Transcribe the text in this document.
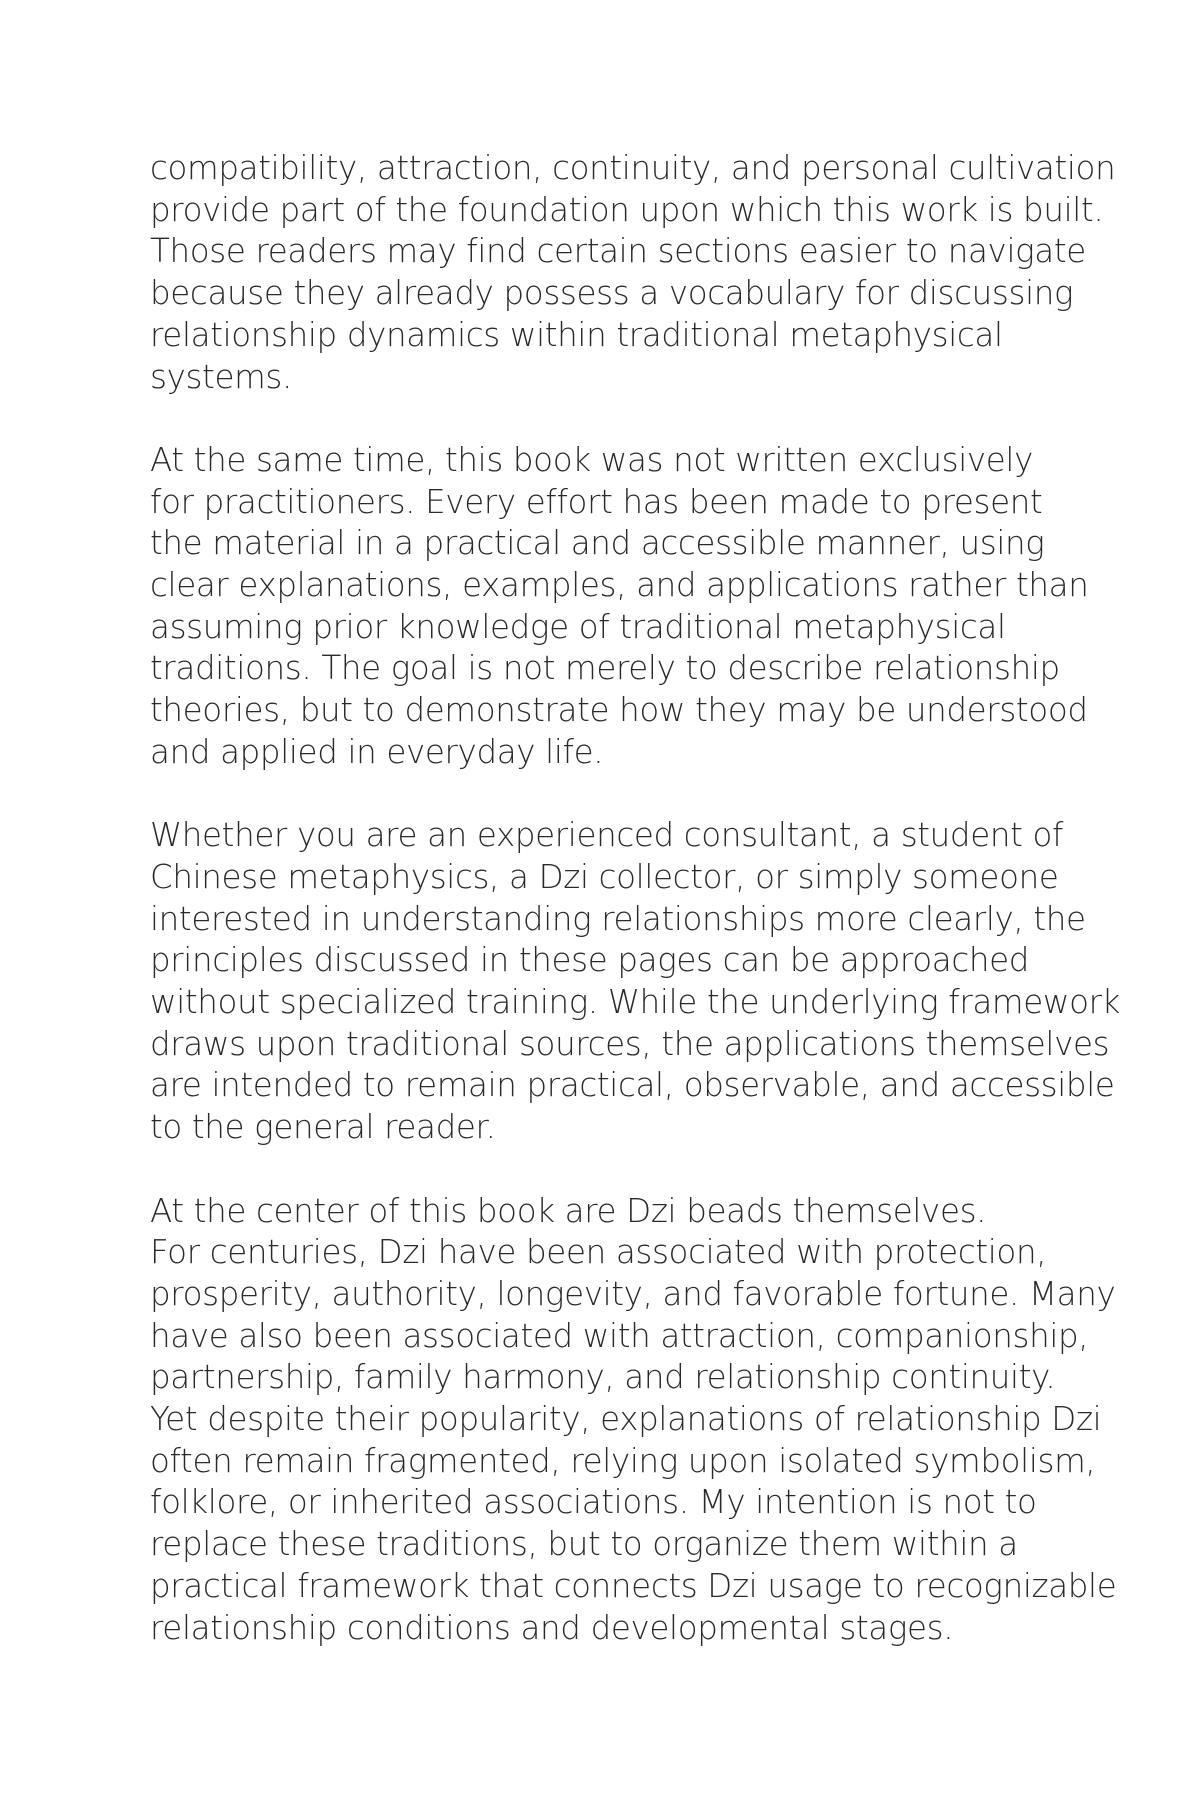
compatibility, attraction, continuity, and personal cultivation
provide part of the foundation upon which this work is built.
Those readers may find certain sections easier to navigate
because they already possess a vocabulary for discussing
relationship dynamics within traditional metaphysical
systems.

At the same time, this book was not written exclusively
for practitioners. Every effort has been made to present
the material in a practical and accessible manner, using
clear explanations, examples, and applications rather than
assuming prior knowledge of traditional metaphysical
traditions. The goal is not merely to describe relationship
theories, but to demonstrate how they may be understood
and applied in everyday life.

Whether you are an experienced consultant, a student of
Chinese metaphysics, a Dzi collector, or simply someone
interested in understanding relationships more clearly, the
principles discussed in these pages can be approached
without specialized training. While the underlying framework
draws upon traditional sources, the applications themselves
are intended to remain practical, observable, and accessible
to the general reader.

At the center of this book are Dzi beads themselves.
For centuries, Dzi have been associated with protection,
prosperity, authority, longevity, and favorable fortune. Many
have also been associated with attraction, companionship,
partnership, family harmony, and relationship continuity.
Yet despite their popularity, explanations of relationship Dzi
often remain fragmented, relying upon isolated symbolism,
folklore, or inherited associations. My intention is not to
replace these traditions, but to organize them within a
practical framework that connects Dzi usage to recognizable
relationship conditions and developmental stages.
